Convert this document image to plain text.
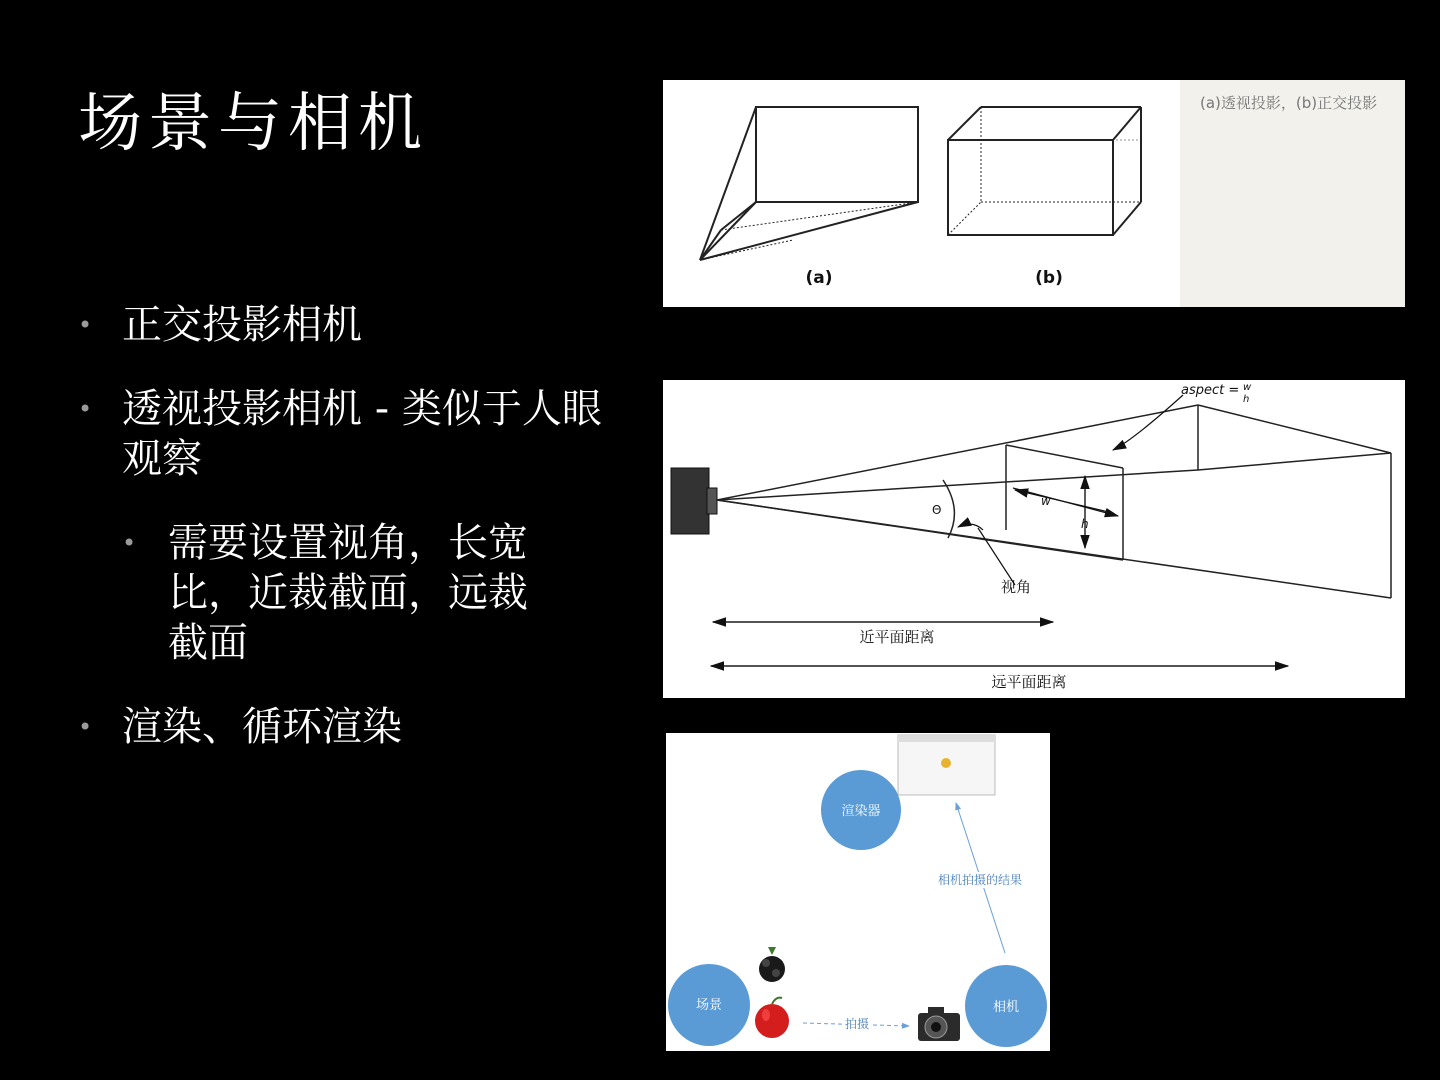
场景与相机
• 正交投影相机
• 透视投影相机 - 类似于人眼观察
• 需要设置视角，长宽比，近裁截面，远裁截面
• 渲染、循环渲染
(a)	(b)
(a)透视投影，(b)正交投影
aspect = w
h
w
h
Θ
视角
近平面距离
远平面距离
渲染器
场景	相机
拍摄
相机拍摄的结果
